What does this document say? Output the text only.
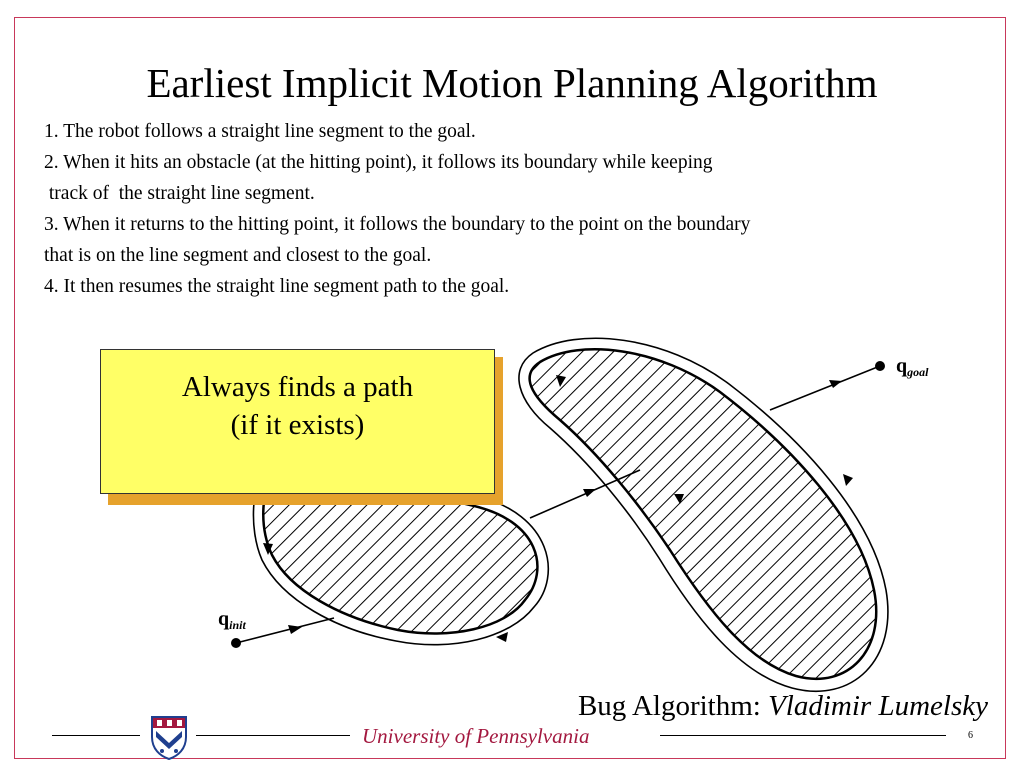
Earliest Implicit Motion Planning Algorithm
1. The robot follows a straight line segment to the goal.
2. When it hits an obstacle (at the hitting point), it follows its boundary while keeping
track of  the straight line segment.
3. When it returns to the hitting point, it follows the boundary to the point on the boundary
that is on the line segment and closest to the goal.
4. It then resumes the straight line segment path to the goal.
$q_{init}$
$q_{goal}$
Always finds a path
(if it exists)
Bug Algorithm: Vladimir Lumelsky
University of Pennsylvania	6
